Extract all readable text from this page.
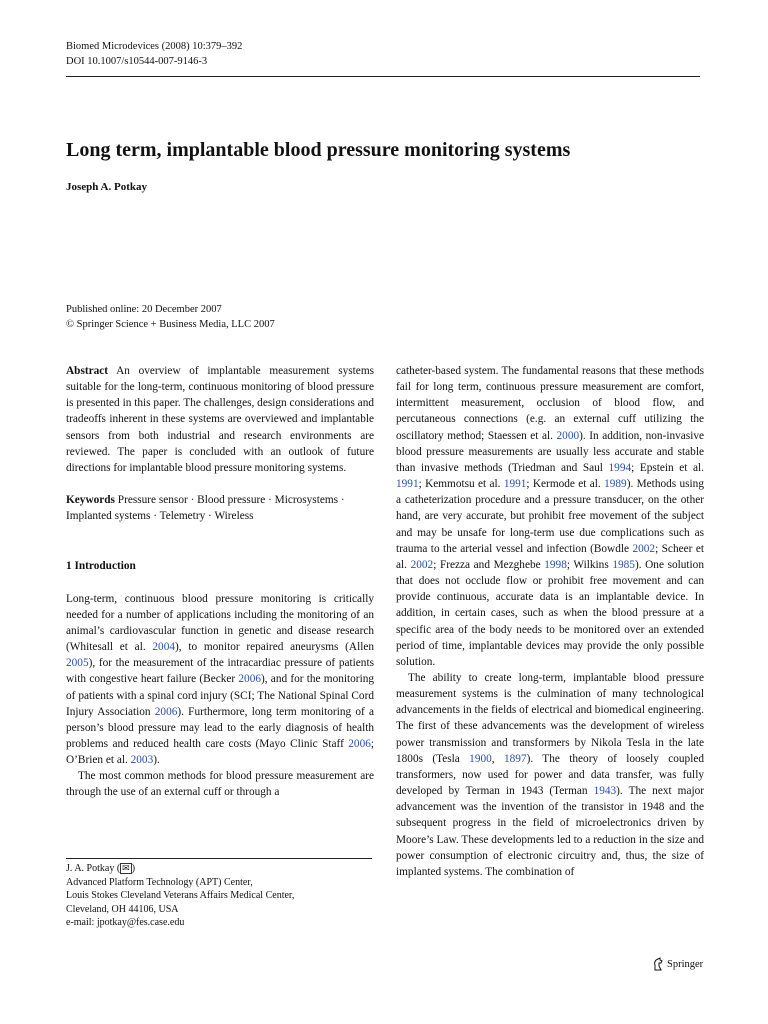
Biomed Microdevices (2008) 10:379–392
DOI 10.1007/s10544-007-9146-3
Long term, implantable blood pressure monitoring systems
Joseph A. Potkay
Published online: 20 December 2007
© Springer Science + Business Media, LLC 2007

Abstract An overview of implantable measurement systems suitable for the long-term, continuous monitoring of blood pressure is presented in this paper. The challenges, design considerations and tradeoffs inherent in these systems are overviewed and implantable sensors from both industrial and research environments are reviewed. The paper is concluded with an outlook of future directions for implantable blood pressure monitoring systems.

Keywords Pressure sensor · Blood pressure · Microsystems · Implanted systems · Telemetry · Wireless

1 Introduction

Long-term, continuous blood pressure monitoring is critically needed for a number of applications including the monitoring of an animal’s cardiovascular function in genetic and disease research (Whitesall et al. 2004), to monitor repaired aneurysms (Allen 2005), for the measurement of the intracardiac pressure of patients with congestive heart failure (Becker 2006), and for the monitoring of patients with a spinal cord injury (SCI; The National Spinal Cord Injury Association 2006). Furthermore, long term monitoring of a person’s blood pressure may lead to the early diagnosis of health problems and reduced health care costs (Mayo Clinic Staff 2006; O’Brien et al. 2003).

The most common methods for blood pressure measurement are through the use of an external cuff or through a

catheter-based system. The fundamental reasons that these methods fail for long term, continuous pressure measurement are comfort, intermittent measurement, occlusion of blood flow, and percutaneous connections (e.g. an external cuff utilizing the oscillatory method; Staessen et al. 2000). In addition, non-invasive blood pressure measurements are usually less accurate and stable than invasive methods (Triedman and Saul 1994; Epstein et al. 1991; Kemmotsu et al. 1991; Kermode et al. 1989). Methods using a catheterization procedure and a pressure transducer, on the other hand, are very accurate, but prohibit free movement of the subject and may be unsafe for long-term use due complications such as trauma to the arterial vessel and infection (Bowdle 2002; Scheer et al. 2002; Frezza and Mezghebe 1998; Wilkins 1985). One solution that does not occlude flow or prohibit free movement and can provide continuous, accurate data is an implantable device. In addition, in certain cases, such as when the blood pressure at a specific area of the body needs to be monitored over an extended period of time, implantable devices may provide the only possible solution.

The ability to create long-term, implantable blood pressure measurement systems is the culmination of many technological advancements in the fields of electrical and biomedical engineering. The first of these advancements was the development of wireless power transmission and transformers by Nikola Tesla in the late 1800s (Tesla 1900, 1897). The theory of loosely coupled transformers, now used for power and data transfer, was fully developed by Terman in 1943 (Terman 1943). The next major advancement was the invention of the transistor in 1948 and the subsequent progress in the field of microelectronics driven by Moore’s Law. These developments led to a reduction in the size and power consumption of electronic circuitry and, thus, the size of implanted systems. The combination of

J. A. Potkay ( ✉ )
Advanced Platform Technology (APT) Center,
Louis Stokes Cleveland Veterans Affairs Medical Center,
Cleveland, OH 44106, USA
e-mail: jpotkay@fes.case.edu
Springer
